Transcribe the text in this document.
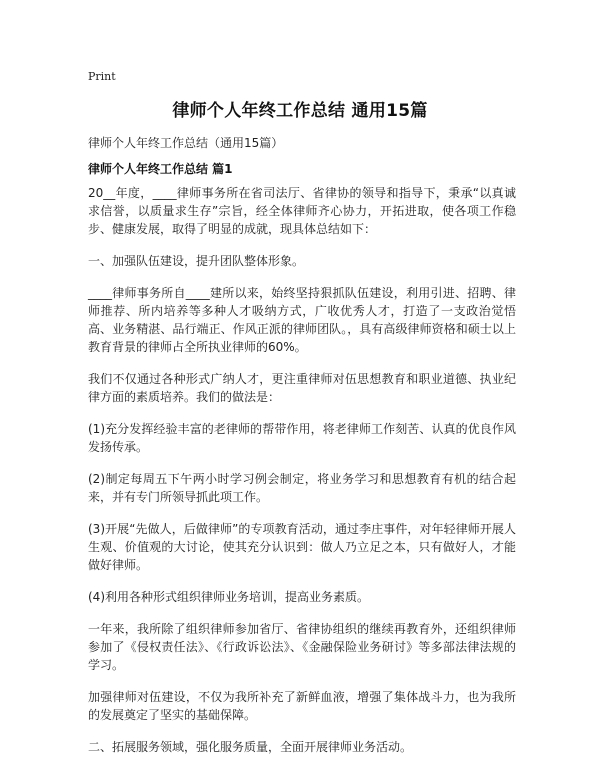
Print
律师个人年终工作总结 通用15篇
律师个人年终工作总结（通用15篇）
律师个人年终工作总结 篇1

20__年度，____律师事务所在省司法厅、省律协的领导和指导下，秉承“以真诚求信誉，以质量求生存”宗旨，经全体律师齐心协力，开拓进取，使各项工作稳步、健康发展，取得了明显的成就，现具体总结如下：

一、加强队伍建设，提升团队整体形象。

____律师事务所自____建所以来，始终坚持狠抓队伍建设，利用引进、招聘、律师推荐、所内培养等多种人才吸纳方式，广收优秀人才，打造了一支政治觉悟高、业务精湛、品行端正、作风正派的律师团队。，具有高级律师资格和硕士以上教育背景的律师占全所执业律师的60%。

我们不仅通过各种形式广纳人才，更注重律师对伍思想教育和职业道德、执业纪律方面的素质培养。我们的做法是：

(1)充分发挥经验丰富的老律师的帮带作用，将老律师工作刻苦、认真的优良作风发扬传承。

(2)制定每周五下午两小时学习例会制定，将业务学习和思想教育有机的结合起来，并有专门所领导抓此项工作。

(3)开展“先做人，后做律师”的专项教育活动，通过李庄事件，对年轻律师开展人生观、价值观的大讨论，使其充分认识到：做人乃立足之本，只有做好人，才能做好律师。

(4)利用各种形式组织律师业务培训，提高业务素质。

一年来，我所除了组织律师参加省厅、省律协组织的继续再教育外，还组织律师参加了《侵权责任法》、《行政诉讼法》、《金融保险业务研讨》等多部法律法规的学习。

加强律师对伍建设，不仅为我所补充了新鲜血液，增强了集体战斗力，也为我所的发展奠定了坚实的基础保障。

二、拓展服务领域，强化服务质量，全面开展律师业务活动。
